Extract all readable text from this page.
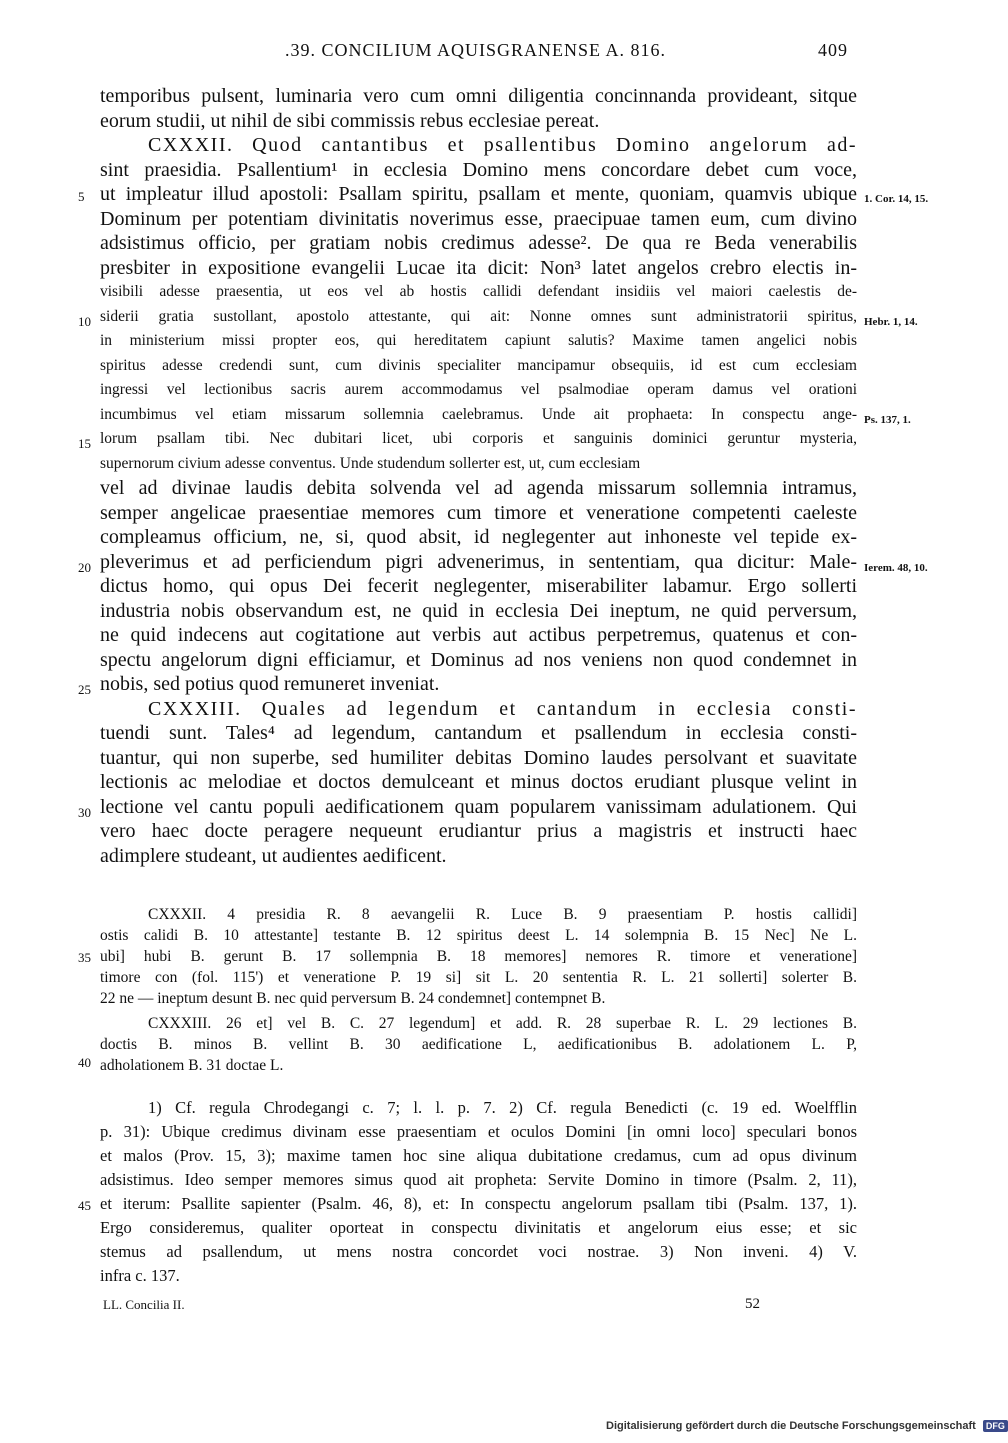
.39. CONCILIUM AQUISGRANENSE A. 816.	409
temporibus pulsent, luminaria vero cum omni diligentia concinnanda provideant, sitque
eorum studii, ut nihil de sibi commissis rebus ecclesiae pereat.
CXXXII. Quod cantantibus et psallentibus Domino angelorum ad-
sint praesidia. Psallentium¹ in ecclesia Domino mens concordare debet cum voce,
ut impleatur illud apostoli: Psallam spiritu, psallam et mente, quoniam, quamvis ubique
Dominum per potentiam divinitatis noverimus esse, praecipuae tamen eum, cum divino
adsistimus officio, per gratiam nobis credimus adesse². De qua re Beda venerabilis
presbiter in expositione evangelii Lucae ita dicit: Non³ latet angelos crebro electis in-
visibili adesse praesentia, ut eos vel ab hostis callidi defendant insidiis vel maiori caelestis de-
siderii gratia sustollant, apostolo attestante, qui ait: Nonne omnes sunt administratorii spiritus,
in ministerium missi propter eos, qui hereditatem capiunt salutis? Maxime tamen angelici nobis
spiritus adesse credendi sunt, cum divinis specialiter mancipamur obsequiis, id est cum ecclesiam
ingressi vel lectionibus sacris aurem accommodamus vel psalmodiae operam damus vel orationi
incumbimus vel etiam missarum sollemnia caelebramus. Unde ait prophaeta: In conspectu ange-
lorum psallam tibi. Nec dubitari licet, ubi corporis et sanguinis dominici geruntur mysteria,
supernorum civium adesse conventus. Unde studendum sollerter est, ut, cum ecclesiam
vel ad divinae laudis debita solvenda vel ad agenda missarum sollemnia intramus,
semper angelicae praesentiae memores cum timore et veneratione competenti caeleste
compleamus officium, ne, si, quod absit, id neglegenter aut inhoneste vel tepide ex-
pleverimus et ad perficiendum pigri advenerimus, in sententiam, qua dicitur: Male-
dictus homo, qui opus Dei fecerit neglegenter, miserabiliter labamur. Ergo sollerti
industria nobis observandum est, ne quid in ecclesia Dei ineptum, ne quid perversum,
ne quid indecens aut cogitatione aut verbis aut actibus perpetremus, quatenus et con-
spectu angelorum digni efficiamur, et Dominus ad nos veniens non quod condemnet in
nobis, sed potius quod remuneret inveniat.
CXXXIII. Quales ad legendum et cantandum in ecclesia consti-
tuendi sunt. Tales⁴ ad legendum, cantandum et psallendum in ecclesia consti-
tuantur, qui non superbe, sed humiliter debitas Domino laudes persolvant et suavitate
lectionis ac melodiae et doctos demulceant et minus doctos erudiant plusque velint in
lectione vel cantu populi aedificationem quam popularem vanissimam adulationem. Qui
vero haec docte peragere nequeunt erudiantur prius a magistris et instructi haec
adimplere studeant, ut audientes aedificent.
5
10
15
20
25
30
1. Cor. 14, 15.
Hebr. 1, 14.
Ps. 137, 1.
Ierem. 48, 10.
CXXXII. 4 presidia R. 8 aevangelii R. Luce B. 9 praesentiam P. hostis callidi]
ostis calidi B. 10 attestante] testante B. 12 spiritus deest L. 14 solempnia B. 15 Nec] Ne L.
ubi] hubi B. gerunt B. 17 sollempnia B. 18 memores] nemores R. timore et veneratione]
timore con (fol. 115') et veneratione P. 19 si] sit L. 20 sententia R. L. 21 sollerti] solerter B.
22 ne — ineptum desunt B. nec quid perversum B. 24 condemnet] contempnet B.
CXXXIII. 26 et] vel B. C. 27 legendum] et add. R. 28 superbae R. L. 29 lectiones B.
doctis B. minos B. vellint B. 30 aedificatione L, aedificationibus B. adolationem L. P,
adholationem B. 31 doctae L.
35
40
1) Cf. regula Chrodegangi c. 7; l. l. p. 7. 2) Cf. regula Benedicti (c. 19 ed. Woelfflin
p. 31): Ubique credimus divinam esse praesentiam et oculos Domini [in omni loco] speculari bonos
et malos (Prov. 15, 3); maxime tamen hoc sine aliqua dubitatione credamus, cum ad opus divinum
adsistimus. Ideo semper memores simus quod ait propheta: Servite Domino in timore (Psalm. 2, 11),
et iterum: Psallite sapienter (Psalm. 46, 8), et: In conspectu angelorum psallam tibi (Psalm. 137, 1).
Ergo consideremus, qualiter oporteat in conspectu divinitatis et angelorum eius esse; et sic
stemus ad psallendum, ut mens nostra concordet voci nostrae. 3) Non inveni. 4) V.
infra c. 137.
45
LL. Concilia II.	52
Digitalisierung gefördert durch die Deutsche Forschungsgemeinschaft DFG
